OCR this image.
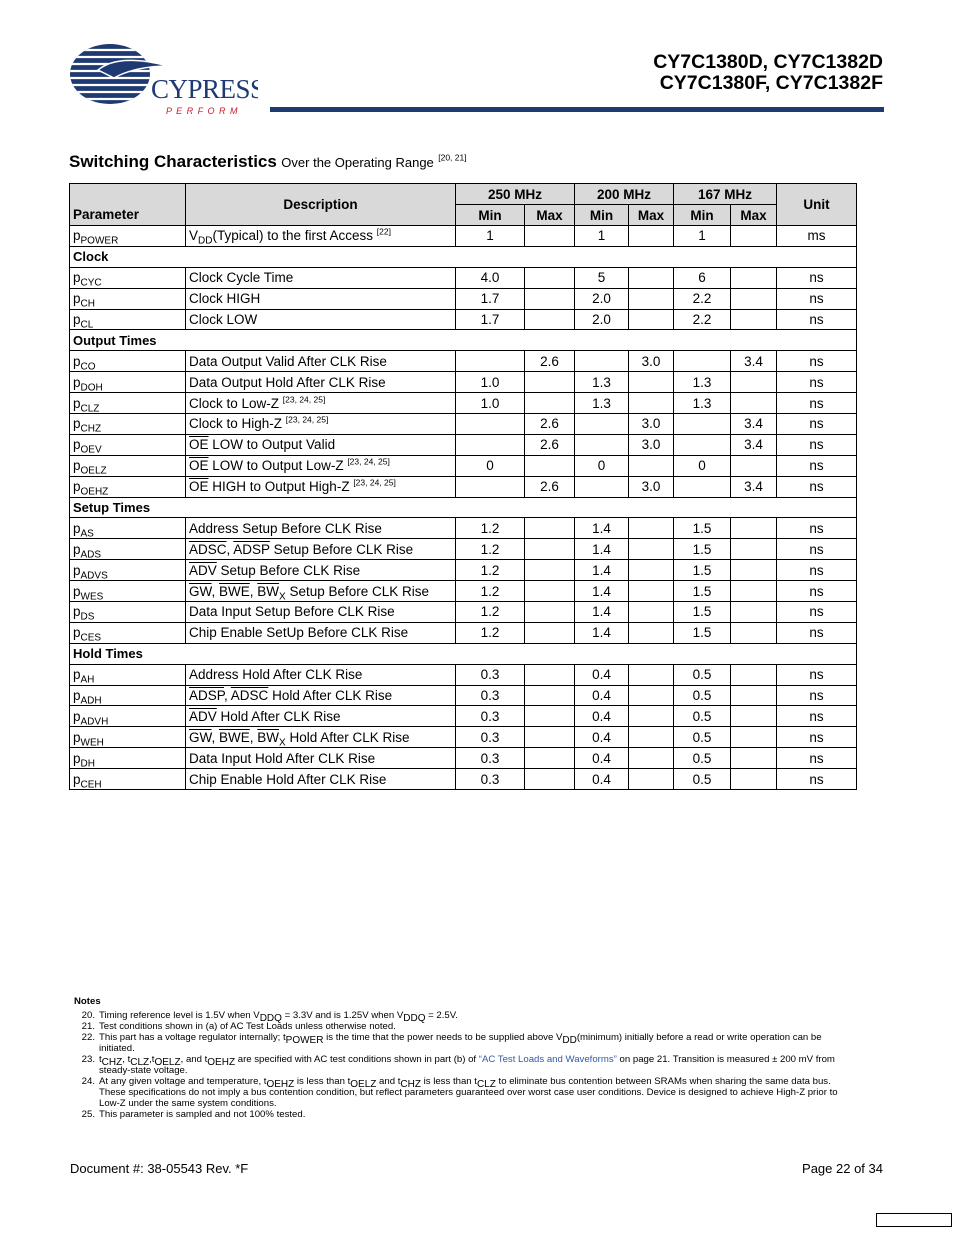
CYPRESS
P E R F O R M
CY7C1380D, CY7C1382D
CY7C1380F, CY7C1382F
Switching Characteristics Over the Operating Range [20, 21]
Parameter	Description	250 MHz		200 MHz		167 MHz		Unit
		Min	Max	Min	Max	Min	Max	
$p_{POWER}$	$V_{DD}(Typical)$ to the first Access [22]	1		1		1		ms
Clock								
$p_{CYC}$	Clock Cycle Time	4.0		5		6		ns
$p_{CH}$	Clock HIGH	1.7		2.0		2.2		ns
$p_{CL}$	Clock LOW	1.7		2.0		2.2		ns
Output Times								
$p_{CO}$	Data Output Valid After CLK Rise		2.6		3.0		3.4	ns
$p_{DOH}$	Data Output Hold After CLK Rise	1.0		1.3		1.3		ns
$p_{CLZ}$	Clock to Low-Z [23, 24, 25]	1.0		1.3		1.3		ns
$p_{CHZ}$	Clock to High-Z [23, 24, 25]		2.6		3.0		3.4	ns
$p_{OEV}$	$\overline{OE}$ LOW to Output Valid		2.6		3.0		3.4	ns
$p_{OELZ}$	$\overline{OE}$ LOW to Output Low-Z [23, 24, 25]	0		0		0		ns
$p_{OEHZ}$	$\overline{OE}$ HIGH to Output High-Z [23, 24, 25]		2.6		3.0		3.4	ns
Setup Times								
$p_{AS}$	Address Setup Before CLK Rise	1.2		1.4		1.5		ns
$p_{ADS}$	ADSC, ADSP Setup Before CLK Rise	1.2		1.4		1.5		ns
$p_{ADVS}$	$\overline{ADV}$ Setup Before CLK Rise	1.2		1.4		1.5		ns
$p_{WES}$	$\overline{GW}$, $\overline{BWE}$, $\overline{BW}_X$ Setup Before CLK Rise	1.2		1.4		1.5		ns
$p_{DS}$	Data Input Setup Before CLK Rise	1.2		1.4		1.5		ns
$p_{CES}$	Chip Enable SetUp Before CLK Rise	1.2		1.4		1.5		ns
Hold Times								
$p_{AH}$	Address Hold After CLK Rise	0.3		0.4		0.5		ns
$p_{ADH}$	ADSP, ADSC Hold After CLK Rise	0.3		0.4		0.5		ns
$p_{ADVH}$	$\overline{ADV}$ Hold After CLK Rise	0.3		0.4		0.5		ns
$p_{WEH}$	$\overline{GW}$, $\overline{BWE}$, $\overline{BW}_X$ Hold After CLK Rise	0.3		0.4		0.5		ns
$p_{DH}$	Data Input Hold After CLK Rise	0.3		0.4		0.5		ns
$p_{CEH}$	Chip Enable Hold After CLK Rise	0.3		0.4		0.5		ns
Notes
20. Timing reference level is 1.5V when $V_{DDQ} = 3.3V$ and is 1.25V when $V_{DDQ} = 2.5V$.
21. Test conditions shown in (a) of AC Test Loads unless otherwise noted.
22. This part has a voltage regulator internally; $t_{POWER}$ is the time that the power needs to be supplied above $V_{DD}(minimum)$ initially before a read or write operation can be initiated.
23. $t_{CHZ}$, $t_{CLZ},t_{OELZ}$, and $t_{OEHZ}$ are specified with AC test conditions shown in part (b) of “AC Test Loads and Waveforms” on page 21. Transition is measured ± 200 mV from steady-state voltage.
24. At any given voltage and temperature, $t_{OEHZ}$ is less than $t_{OELZ}$ and $t_{CHZ}$ is less than $t_{CLZ}$ to eliminate bus contention between SRAMs when sharing the same data bus. These specifications do not imply a bus contention condition, but reflect parameters guaranteed over worst case user conditions. Device is designed to achieve High-Z prior to Low-Z under the same system conditions.
25. This parameter is sampled and not 100% tested.
Document #: 38-05543 Rev. *F	Page 22 of 34
